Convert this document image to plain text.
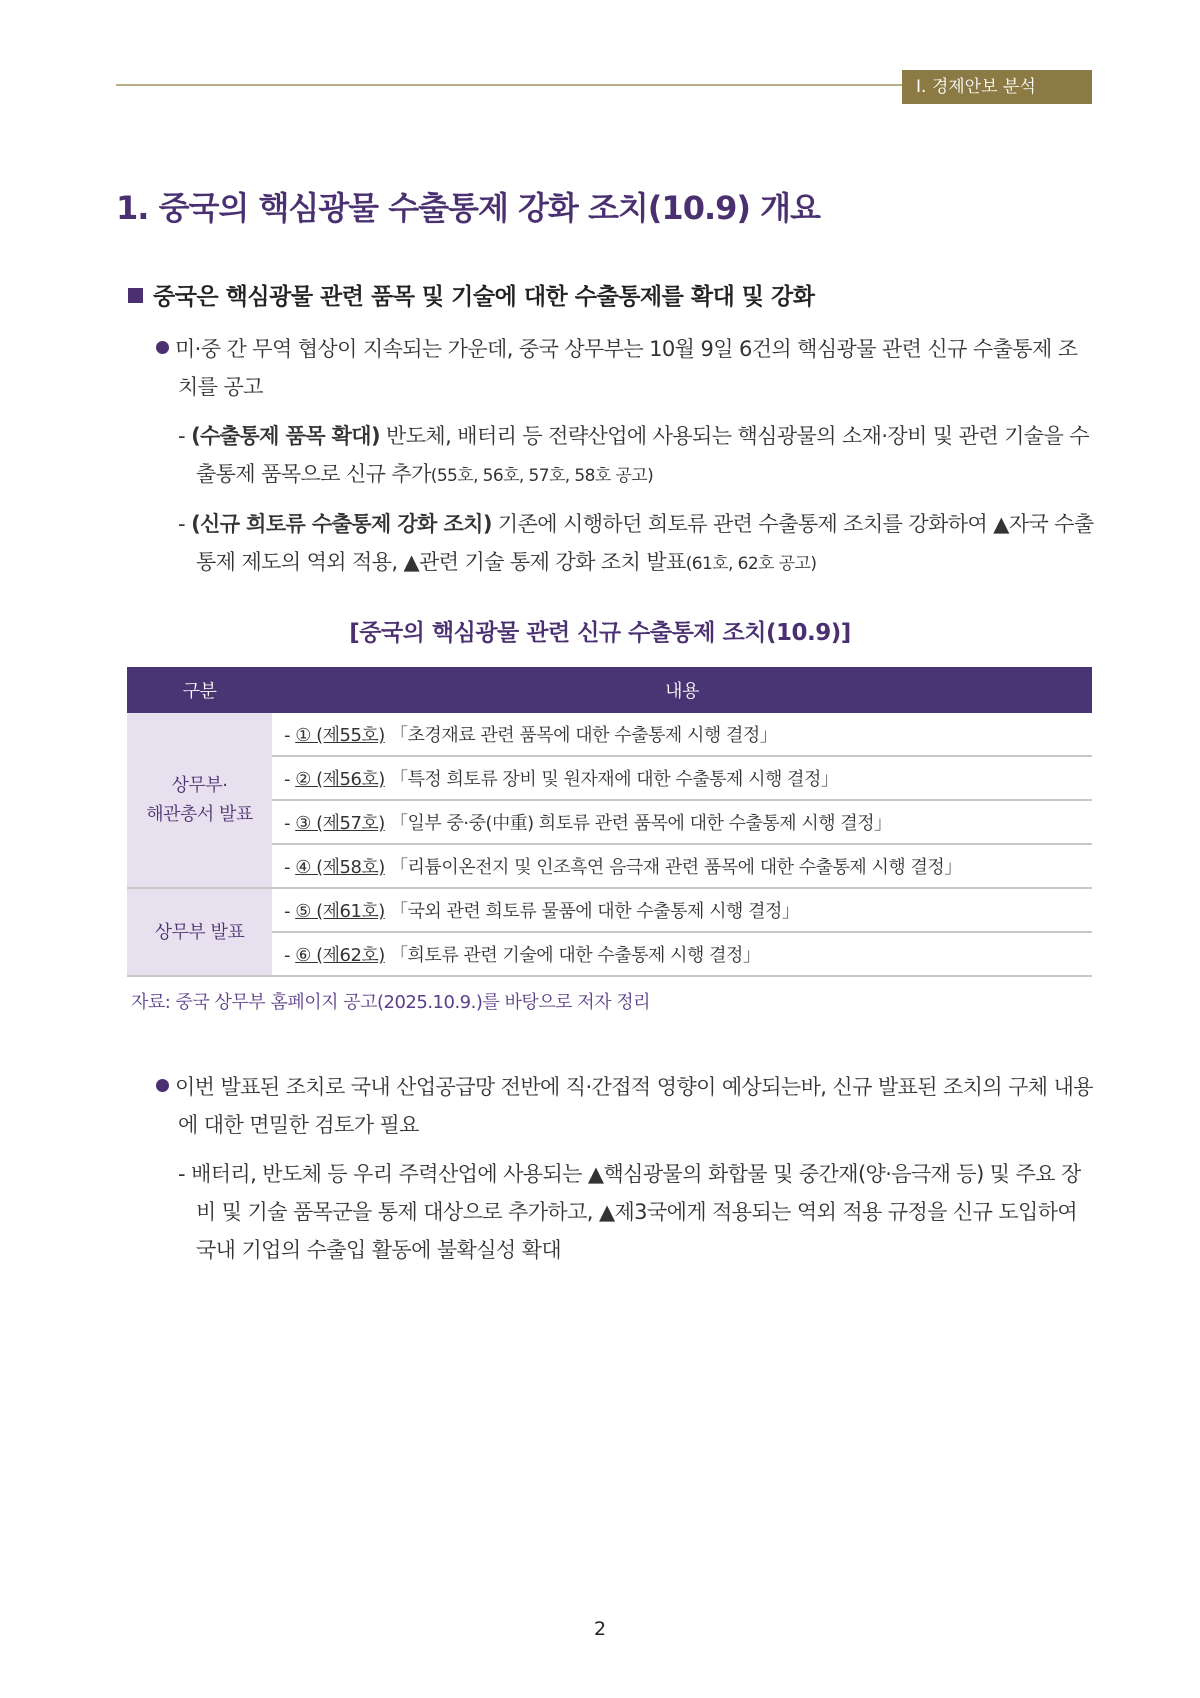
Ⅰ. 경제안보 분석
1. 중국의 핵심광물 수출통제 강화 조치(10.9) 개요
중국은 핵심광물 관련 품목 및 기술에 대한 수출통제를 확대 및 강화
미·중 간 무역 협상이 지속되는 가운데, 중국 상무부는 10월 9일 6건의 핵심광물 관련 신규 수출통제 조치를 공고
- (수출통제 품목 확대) 반도체, 배터리 등 전략산업에 사용되는 핵심광물의 소재·장비 및 관련 기술을 수출통제 품목으로 신규 추가(55호, 56호, 57호, 58호 공고)
- (신규 희토류 수출통제 강화 조치) 기존에 시행하던 희토류 관련 수출통제 조치를 강화하여 ▲자국 수출통제 제도의 역외 적용, ▲관련 기술 통제 강화 조치 발표(61호, 62호 공고)
[중국의 핵심광물 관련 신규 수출통제 조치(10.9)]
구분	내용
상무부·
해관총서 발표	- ① (제55호) 「초경재료 관련 품목에 대한 수출통제 시행 결정」
	- ② (제56호) 「특정 희토류 장비 및 원자재에 대한 수출통제 시행 결정」
	- ③ (제57호) 「일부 중·중(中重) 희토류 관련 품목에 대한 수출통제 시행 결정」
	- ④ (제58호) 「리튬이온전지 및 인조흑연 음극재 관련 품목에 대한 수출통제 시행 결정」
상무부 발표	- ⑤ (제61호) 「국외 관련 희토류 물품에 대한 수출통제 시행 결정」
	- ⑥ (제62호) 「희토류 관련 기술에 대한 수출통제 시행 결정」
자료: 중국 상무부 홈페이지 공고(2025.10.9.)를 바탕으로 저자 정리
이번 발표된 조치로 국내 산업공급망 전반에 직·간접적 영향이 예상되는바, 신규 발표된 조치의 구체 내용에 대한 면밀한 검토가 필요
- 배터리, 반도체 등 우리 주력산업에 사용되는 ▲핵심광물의 화합물 및 중간재(양·음극재 등) 및 주요 장비 및 기술 품목군을 통제 대상으로 추가하고, ▲제3국에게 적용되는 역외 적용 규정을 신규 도입하여 국내 기업의 수출입 활동에 불확실성 확대
2
